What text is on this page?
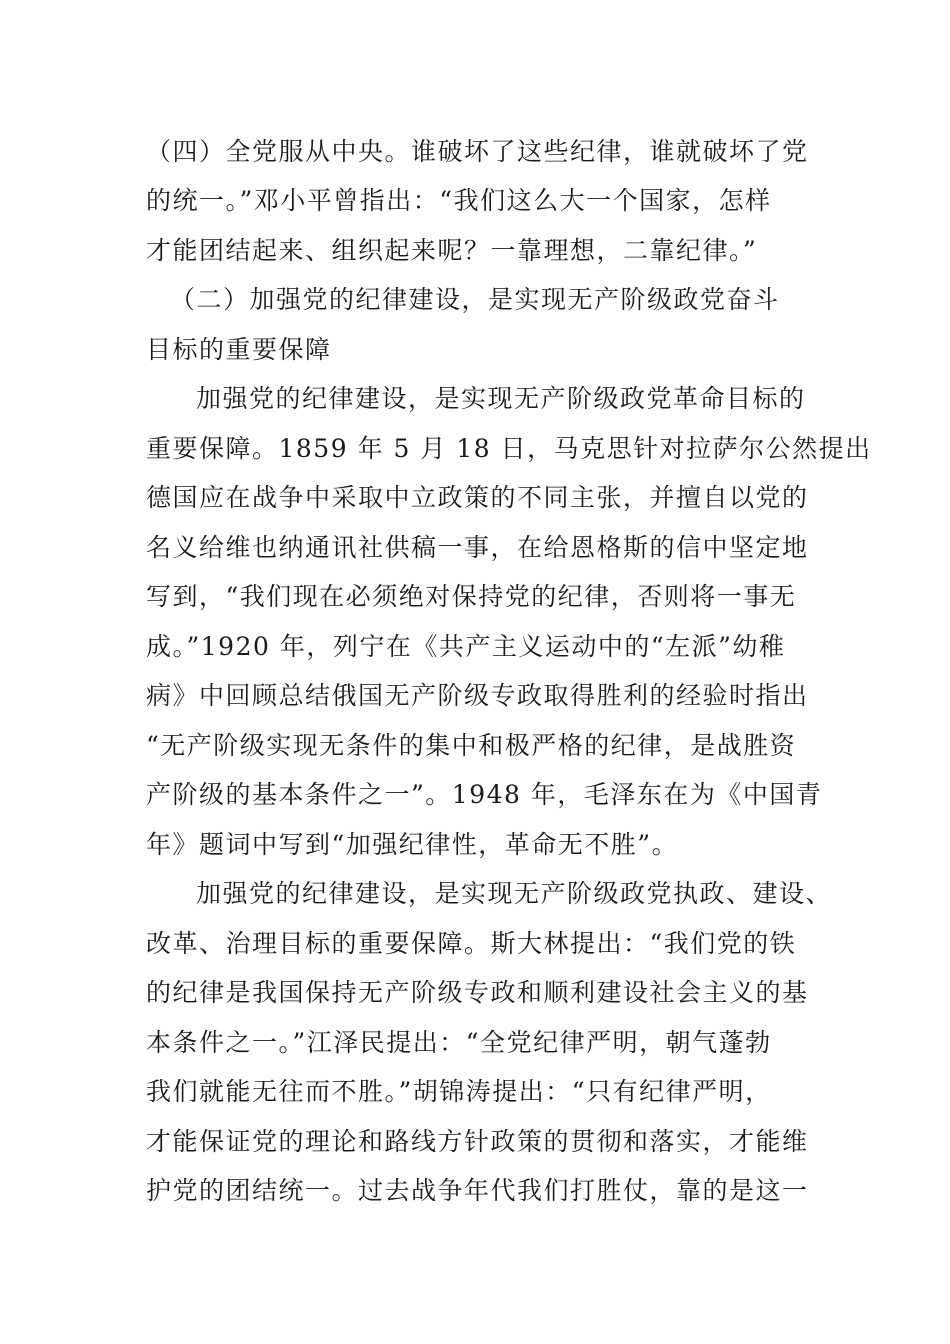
（四）全党服从中央。谁破坏了这些纪律，谁就破坏了党
的统一。”邓小平曾指出：“我们这么大一个国家，怎样
才能团结起来、组织起来呢？一靠理想，二靠纪律。”
（二）加强党的纪律建设，是实现无产阶级政党奋斗
目标的重要保障
加强党的纪律建设，是实现无产阶级政党革命目标的
重要保障。1859 年 5 月 18 日，马克思针对拉萨尔公然提出
德国应在战争中采取中立政策的不同主张，并擅自以党的
名义给维也纳通讯社供稿一事，在给恩格斯的信中坚定地
写到，“我们现在必须绝对保持党的纪律，否则将一事无
成。”1920 年，列宁在《共产主义运动中的“左派”幼稚
病》中回顾总结俄国无产阶级专政取得胜利的经验时指出
“无产阶级实现无条件的集中和极严格的纪律，是战胜资
产阶级的基本条件之一”。1948 年，毛泽东在为《中国青
年》题词中写到“加强纪律性，革命无不胜”。
加强党的纪律建设，是实现无产阶级政党执政、建设、
改革、治理目标的重要保障。斯大林提出：“我们党的铁
的纪律是我国保持无产阶级专政和顺利建设社会主义的基
本条件之一。”江泽民提出：“全党纪律严明，朝气蓬勃
我们就能无往而不胜。”胡锦涛提出：“只有纪律严明，
才能保证党的理论和路线方针政策的贯彻和落实，才能维
护党的团结统一。过去战争年代我们打胜仗，靠的是这一
